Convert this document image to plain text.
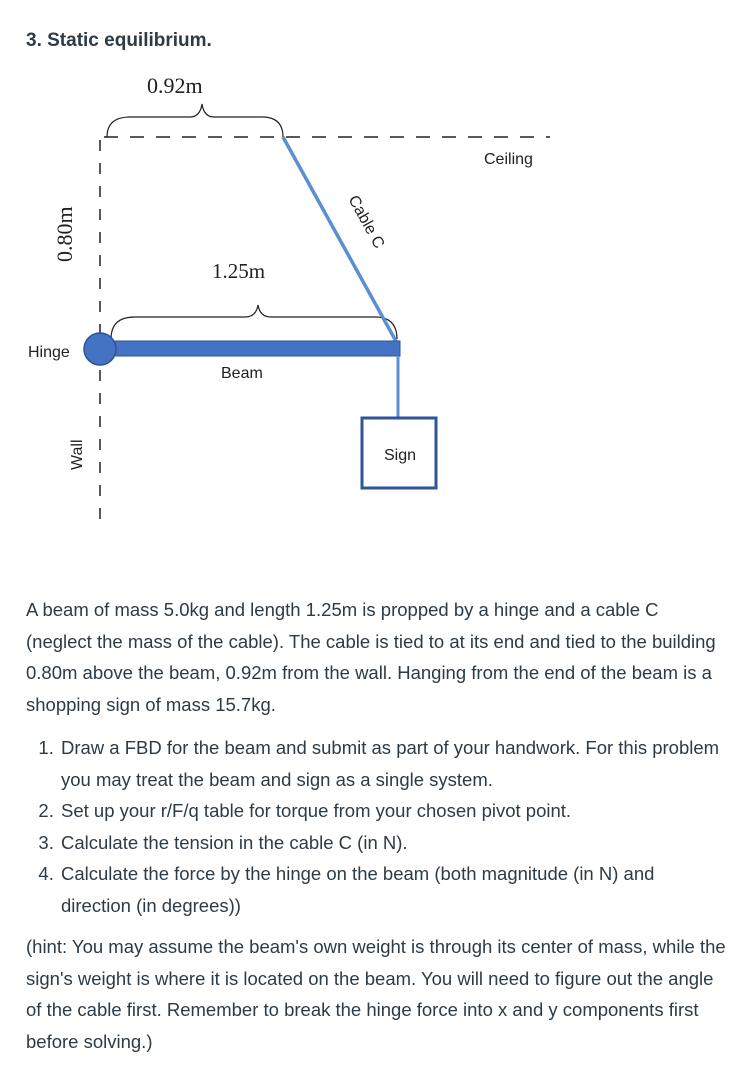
3. Static equilibrium.
0.92m
0.80m
1.25m
Ceiling
Cable C
Hinge
Beam
Wall	Sign

A beam of mass 5.0kg and length 1.25m is propped by a hinge and a cable C (neglect the mass of the cable). The cable is tied to at its end and tied to the building 0.80m above the beam, 0.92m from the wall. Hanging from the end of the beam is a shopping sign of mass 15.7kg.

1. Draw a FBD for the beam and submit as part of your handwork. For this problem you may treat the beam and sign as a single system.
2. Set up your r/F/q table for torque from your chosen pivot point.
3. Calculate the tension in the cable C (in N).
4. Calculate the force by the hinge on the beam (both magnitude (in N) and direction (in degrees))

(hint: You may assume the beam's own weight is through its center of mass, while the sign's weight is where it is located on the beam. You will need to figure out the angle of the cable first. Remember to break the hinge force into x and y components first before solving.)
